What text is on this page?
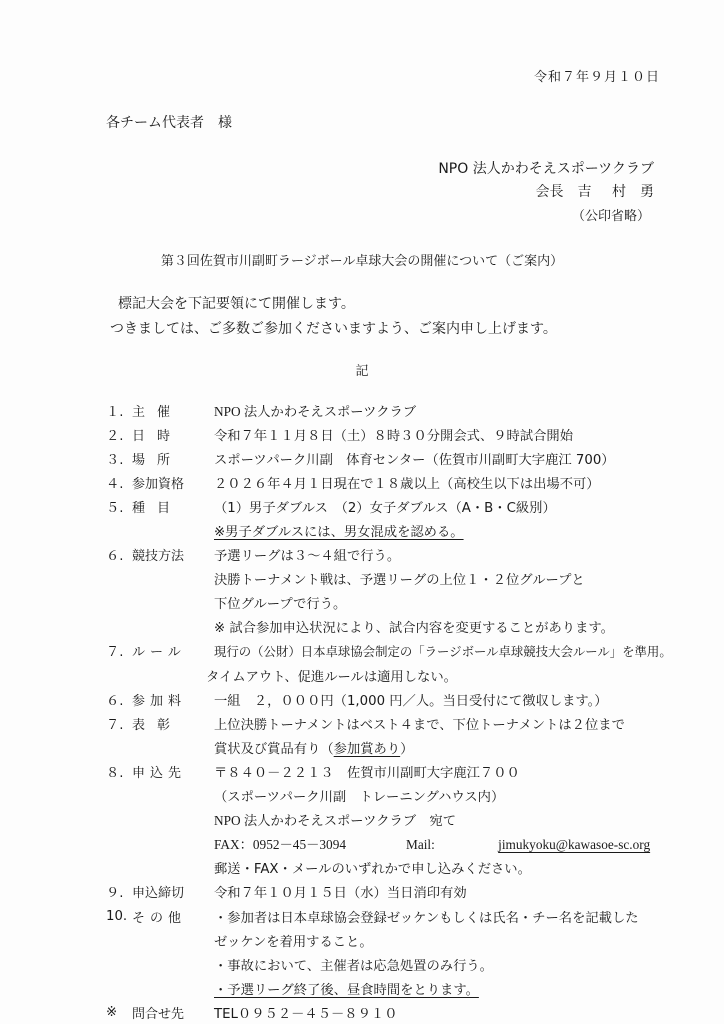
令和７年９月１０日
各チーム代表者　様
NPO 法人かわそえスポーツクラブ
会長　吉 村　勇
（公印省略）
第３回佐賀市川副町ラージボール卓球大会の開催について（ご案内）
標記大会を下記要領にて開催します。
つきましては、ご多数ご参加くださいますよう、ご案内申し上げます。
記
１. 主催	NPO 法人かわそえスポーツクラブ
２. 日時	令和７年１１月８日（土）８時３０分開会式、９時試合開始
３. 場所	スポーツパーク川副　体育センター（佐賀市川副町大字鹿江 700）
４. 参加資格	２０２６年４月１日現在で１８歳以上（高校生以下は出場不可）
５. 種目	（1）男子ダブルス　（2）女子ダブルス（A・B・C級別）
※男子ダブルスには、男女混成を認める。
６. 競技方法	予選リーグは３～４組で行う。
決勝トーナメント戦は、予選リーグの上位１・２位グループと
下位グループで行う。
※ 試合参加申込状況により、試合内容を変更することがあります。
７. ルール	現行の（公財）日本卓球協会制定の「ラージボール卓球競技大会ルール」を準用。
タイムアウト、促進ルールは適用しない。
６. 参加料	一組　２，０００円（1,000 円／人。当日受付にて徴収します。）
７. 表彰	上位決勝トーナメントはベスト４まで、下位トーナメントは２位まで
賞状及び賞品有り（参加賞あり）
８. 申込先	〒８４０－２２１３　佐賀市川副町大字鹿江７００
（スポーツパーク川副　トレーニングハウス内）
NPO 法人かわそえスポーツクラブ　宛て
FAX：0952－45－3094	Mail:	jimukyoku@kawasoe-sc.org
郵送・FAX・メールのいずれかで申し込みください。
９. 申込締切	令和７年１０月１５日（水）当日消印有効
10. その他	・参加者は日本卓球協会登録ゼッケンもしくは氏名・チー名を記載した
ゼッケンを着用すること。
・事故において、主催者は応急処置のみ行う。
・予選リーグ終了後、昼食時間をとります。
※	問合せ先	TEL０９５２－４５－８９１０
